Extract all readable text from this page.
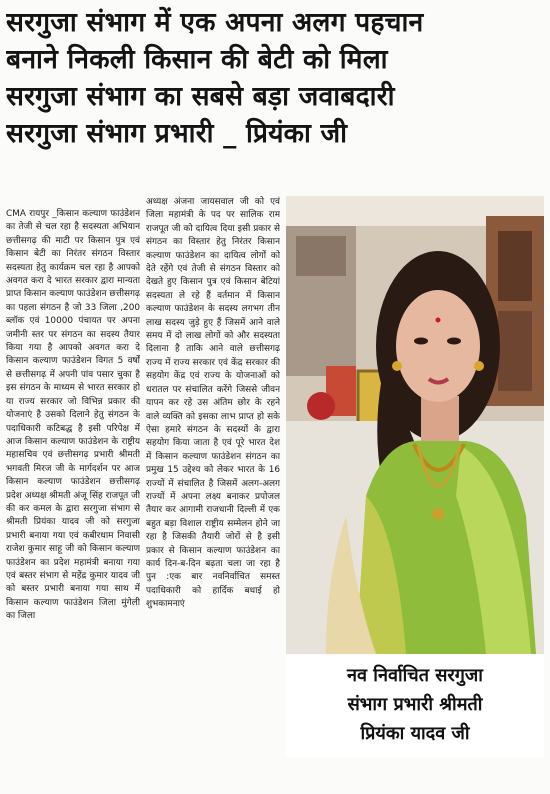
सरगुजा संभाग में एक अपना अलग पहचान
बनाने निकली किसान की बेटी को मिला
सरगुजा संभाग का सबसे बड़ा जवाबदारी
सरगुजा संभाग प्रभारी _ प्रियंका जी
CMA रायपुर _किसान कल्याण फाउंडेशन का तेजी से चल रहा है सदस्यता अभियान छत्तीसगढ़ की माटी पर किसान पुत्र एवं किसान बेटी का निरंतर संगठन विस्तार सदस्यता हेतु कार्यक्रम चल रहा है आपको अवगत करा दे भारत सरकार द्वारा मान्यता प्राप्त किसान कल्याण फाउंडेशन छत्तीसगढ़ का पहला संगठन है जो 33 जिला ,200 ब्लॉक एवं 10000 पंचायत पर अपना जमीनी स्तर पर संगठन का सदस्य तैयार किया गया है आपको अवगत करा दे किसान कल्याण फाउंडेशन विगत 5 वर्षों से छत्तीसगढ़ में अपनी पांव पसार चुका है इस संगठन के माध्यम से भारत सरकार हो या राज्य सरकार जो विभिन्न प्रकार की योजनाएं है उसको दिलाने हेतु संगठन के पदाधिकारी कटिबद्ध है इसी परिपेक्ष में आज किसान कल्याण फाउंडेशन के राष्ट्रीय महासचिव एवं छत्तीसगढ़ प्रभारी श्रीमती भगवती मिरज जी के मार्गदर्शन पर आज किसान कल्याण फाउंडेशन छत्तीसगढ़ प्रदेश अध्यक्ष श्रीमती अंजू सिंह राजपूत जी की कर कमल के द्वारा सरगुजा संभाग से श्रीमती प्रियंका यादव जी को सरगुजा प्रभारी बनाया गया एवं कबीरधाम निवासी राजेश कुमार साहू जी को किसान कल्याण फाउंडेशन का प्रदेश महामंत्री बनाया गया एवं बस्तर संभाग से महेंद्र कुमार यादव जी को बस्तर प्रभारी बनाया गया साथ में किसान कल्याण फाउंडेशन जिला मुंगेली का जिला
अध्यक्ष अंजना जायसवाल जी को एवं जिला महामंत्री के पद पर सालिक राम राजपूत जी को दायित्व दिया इसी प्रकार से संगठन का विस्तार हेतु निरंतर किसान कल्याण फाउंडेशन का दायित्व लोगों को देते रहेंगे एवं तेजी से संगठन विस्तार को देखते हुए किसान पुत्र एवं किसान बेटियां सदस्यता ले रहे हैं वर्तमान में किसान कल्याण फाउंडेशन के सदस्य लगभग तीन लाख सदस्य जुड़े हुए हैं जिसमें आने वाले समय में दो लाख लोगों को और सदस्यता दिलाना है ताकि आने वाले छत्तीसगढ़ राज्य में राज्य सरकार एवं केंद्र सरकार की सहयोग केंद्र एवं राज्य के योजनाओं को धरातल पर संचालित करेंगे जिससे जीवन यापन कर रहे उस अंतिम छोर के रहने वाले व्यक्ति को इसका लाभ प्राप्त हो सके ऐसा हमारे संगठन के सदस्यों के द्वारा सहयोग किया जाता है एवं पूरे भारत देश में किसान कल्याण फाउंडेशन संगठन का प्रमुख 15 उद्देश्य को लेकर भारत के 16 राज्यों में संचालित है जिसमें अलग-अलग राज्यों में अपना लक्ष्य बनाकर प्रपोजल तैयार कर आगामी राजधानी दिल्ली में एक बहुत बड़ा विशाल राष्ट्रीय सम्मेलन होने जा रहा है जिसकी तैयारी जोरों से है इसी प्रकार से किसान कल्याण फाउंडेशन का कार्य दिन-ब-दिन बढ़ता चला जा रहा है पुन :एक बार नवनिर्वाचित समस्त पदाधिकारी को हार्दिक बधाई हो शुभकामनाएं
नव निर्वाचित सरगुजा
संभाग प्रभारी श्रीमती
प्रियंका यादव जी
